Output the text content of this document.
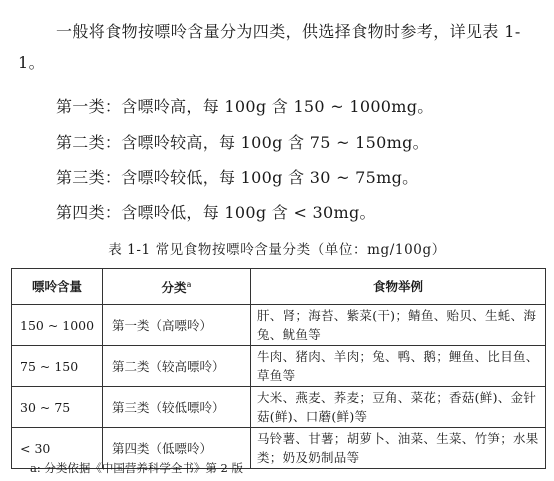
一般将食物按嘌呤含量分为四类，供选择食物时参考，详见表 1-1。

第一类：含嘌呤高，每 100g 含 150 ~ 1000mg。

第二类：含嘌呤较高，每 100g 含 75 ~ 150mg。

第三类：含嘌呤较低，每 100g 含 30 ~ 75mg。

第四类：含嘌呤低，每 100g 含 < 30mg。

表 1-1 常见食物按嘌呤含量分类（单位：mg/100g）

嘌呤含量	分类$^a$	食物举例
150 ~ 1000	第一类（高嘌呤）	肝、肾；海苔、紫菜(干)；鲭鱼、贻贝、生蚝、海兔、鱿鱼等
75 ~ 150	第二类（较高嘌呤）	牛肉、猪肉、羊肉；兔、鸭、鹅；鲤鱼、比目鱼、草鱼等
30 ~ 75	第三类（较低嘌呤）	大米、燕麦、荞麦；豆角、菜花；香菇(鲜)、金针菇(鲜)、口蘑(鲜)等
< 30	第四类（低嘌呤）	马铃薯、甘薯；胡萝卜、油菜、生菜、竹笋；水果类；奶及奶制品等

a: 分类依据《中国营养科学全书》第 2 版
